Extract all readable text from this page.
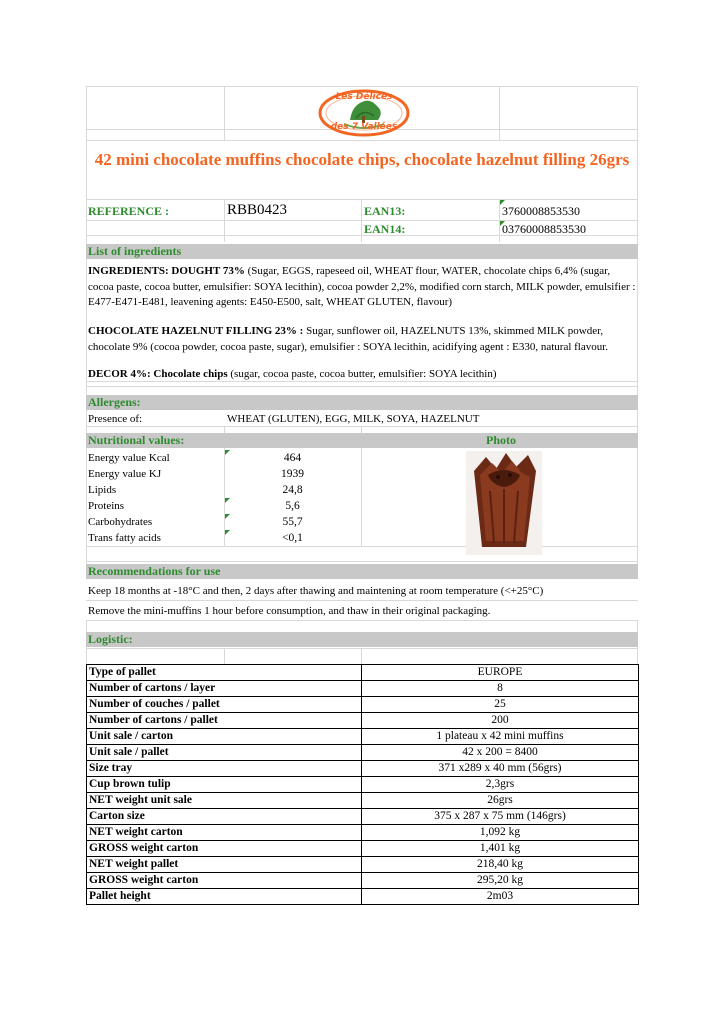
Les Délices
des 7 Vallées
42 mini chocolate muffins chocolate chips, chocolate hazelnut filling 26grs
REFERENCE :	RBB0423	EAN13:	3760008853530
EAN14:	03760008853530
List of ingredients
INGREDIENTS: DOUGHT 73% (Sugar, EGGS, rapeseed oil, WHEAT flour, WATER, chocolate chips 6,4% (sugar, cocoa paste, cocoa butter, emulsifier: SOYA lecithin), cocoa powder 2,2%, modified corn starch, MILK powder, emulsifier : E477-E471-E481, leavening agents: E450-E500, salt, WHEAT GLUTEN, flavour)
CHOCOLATE HAZELNUT FILLING 23% : Sugar, sunflower oil, HAZELNUTS 13%, skimmed MILK powder, chocolate 9% (cocoa powder, cocoa paste, sugar), emulsifier : SOYA lecithin, acidifying agent : E330, natural flavour.
DECOR 4%: Chocolate chips (sugar, cocoa paste, cocoa butter, emulsifier: SOYA lecithin)
Allergens:
Presence of:	WHEAT (GLUTEN), EGG, MILK, SOYA, HAZELNUT
Nutritional values:	Photo
Energy value Kcal	464
Energy value KJ	1939
Lipids	24,8
Proteins	5,6
Carbohydrates	55,7
Trans fatty acids	<0,1
Recommendations for use
Keep 18 months at -18°C and then, 2 days after thawing and maintening at room temperature (<+25°C)
Remove the mini-muffins 1 hour before consumption, and thaw in their original packaging.
Logistic:
Type of pallet	EUROPE
Number of cartons / layer	8
Number of couches / pallet	25
Number of cartons / pallet	200
Unit sale / carton	1 plateau x 42 mini muffins
Unit sale / pallet	42 x 200 = 8400
Size tray	371 x289 x 40 mm (56grs)
Cup brown tulip	2,3grs
NET weight unit sale	26grs
Carton size	375 x 287 x 75 mm (146grs)
NET weight carton	1,092 kg
GROSS weight carton	1,401 kg
NET weight pallet	218,40 kg
GROSS weight carton	295,20 kg
Pallet height	2m03
